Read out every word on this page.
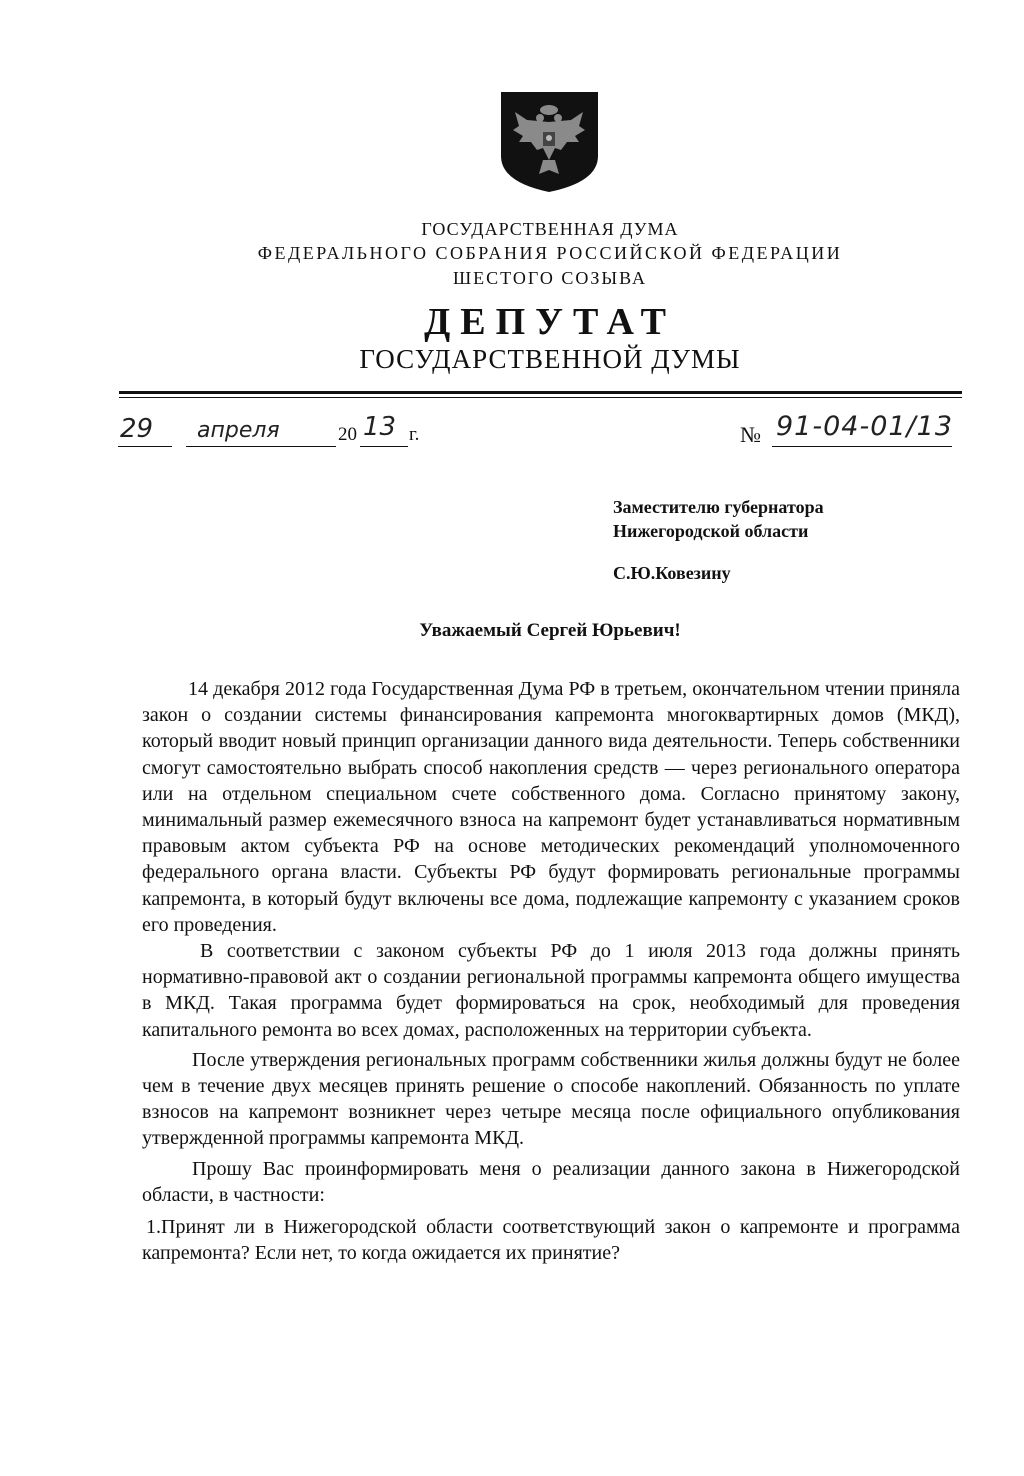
ГОСУДАРСТВЕННАЯ ДУМА
ФЕДЕРАЛЬНОГО СОБРАНИЯ РОССИЙСКОЙ ФЕДЕРАЦИИ
ШЕСТОГО СОЗЫВА
ДЕПУТАТ
ГОСУДАРСТВЕННОЙ ДУМЫ
29 апреля	20 13 г.	№ 91-04-01/13
Заместителю губернатора
Нижегородской области
С.Ю.Ковезину
Уважаемый Сергей Юрьевич!

14 декабря 2012 года Государственная Дума РФ в третьем, окончательном чтении приняла закон о создании системы финансирования капремонта многоквартирных домов (МКД), который вводит новый принцип организации данного вида деятельности. Теперь собственники смогут самостоятельно выбрать способ накопления средств — через регионального оператора или на отдельном специальном счете собственного дома. Согласно принятому закону, минимальный размер ежемесячного взноса на капремонт будет устанавливаться нормативным правовым актом субъекта РФ на основе методических рекомендаций уполномоченного федерального органа власти. Субъекты РФ будут формировать региональные программы капремонта, в который будут включены все дома, подлежащие капремонту с указанием сроков его проведения.

В соответствии с законом субъекты РФ до 1 июля 2013 года должны принять нормативно-правовой акт о создании региональной программы капремонта общего имущества в МКД. Такая программа будет формироваться на срок, необходимый для проведения капитального ремонта во всех домах, расположенных на территории субъекта.

После утверждения региональных программ собственники жилья должны будут не более чем в течение двух месяцев принять решение о способе накоплений. Обязанность по уплате взносов на капремонт возникнет через четыре месяца после официального опубликования утвержденной программы капремонта МКД.

Прошу Вас проинформировать меня о реализации данного закона в Нижегородской области, в частности:

1.Принят ли в Нижегородской области соответствующий закон о капремонте и программа капремонта? Если нет, то когда ожидается их принятие?
